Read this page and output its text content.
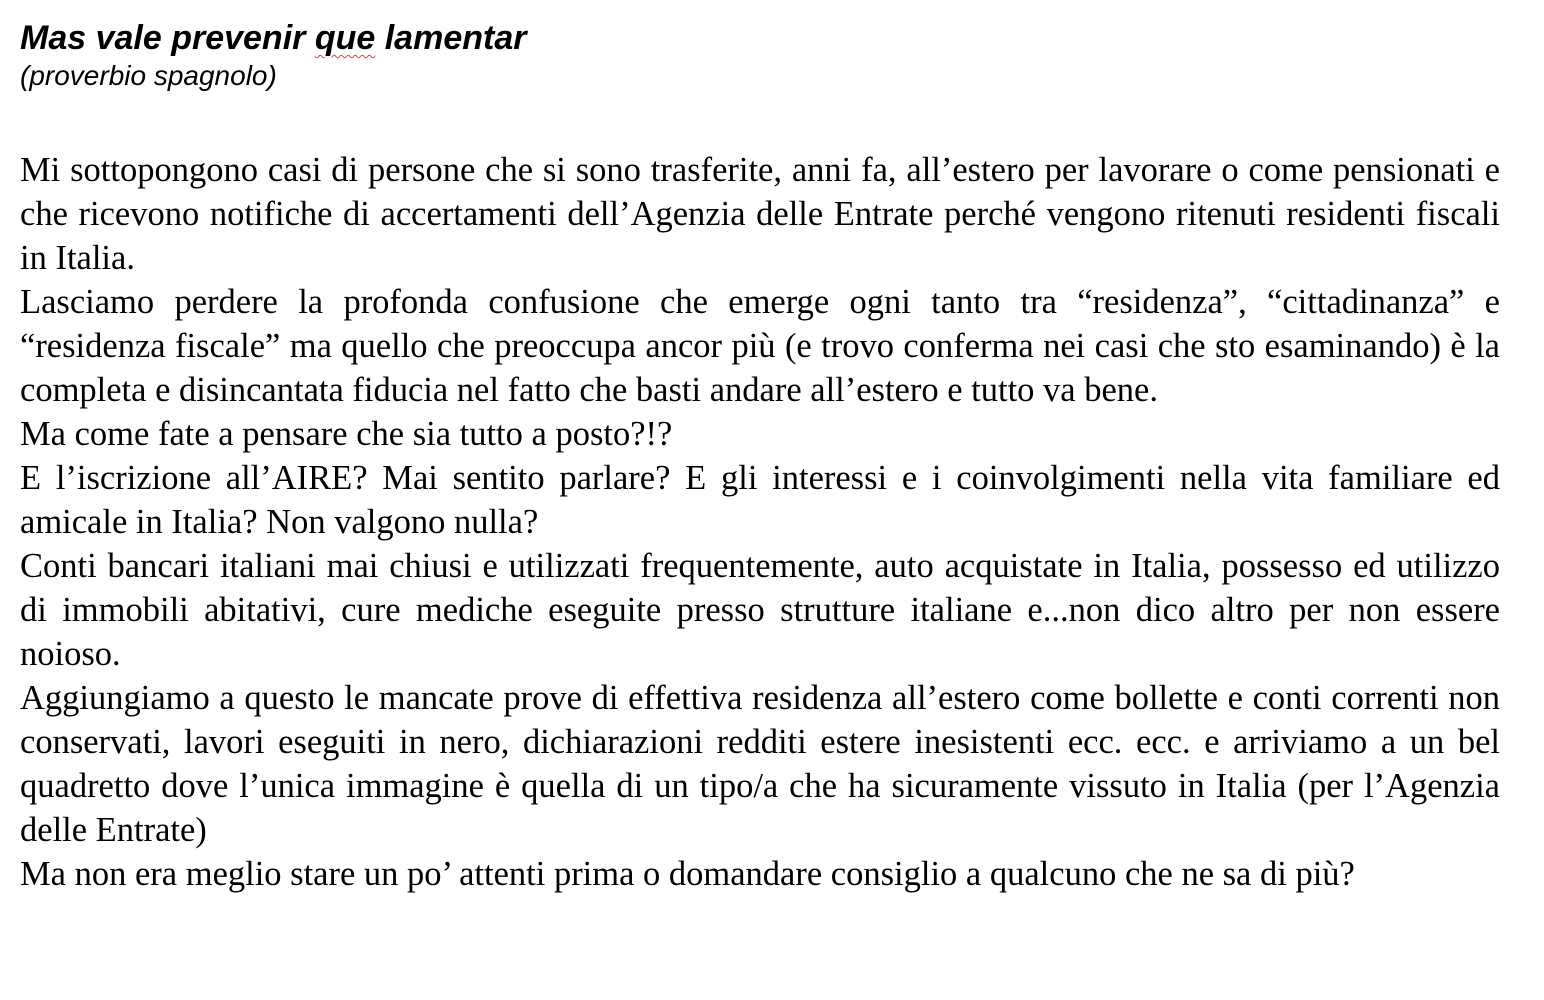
Mas vale prevenir que lamentar

(proverbio spagnolo)

Mi sottopongono casi di persone che si sono trasferite, anni fa, all’estero per lavorare o come pensionati e che ricevono notifiche di accertamenti dell’Agenzia delle Entrate perché vengono ritenuti residenti fiscali in Italia.

Lasciamo perdere la profonda confusione che emerge ogni tanto tra “residenza”, “cittadinanza” e “residenza fiscale” ma quello che preoccupa ancor più (e trovo conferma nei casi che sto esaminando) è la completa e disincantata fiducia nel fatto che basti andare all’estero e tutto va bene.

Ma come fate a pensare che sia tutto a posto?!?

E l’iscrizione all’AIRE? Mai sentito parlare? E gli interessi e i coinvolgimenti nella vita familiare ed amicale in Italia? Non valgono nulla?

Conti bancari italiani mai chiusi e utilizzati frequentemente, auto acquistate in Italia, possesso ed utilizzo di immobili abitativi, cure mediche eseguite presso strutture italiane e...non dico altro per non essere noioso.

Aggiungiamo a questo le mancate prove di effettiva residenza all’estero come bollette e conti correnti non conservati, lavori eseguiti in nero, dichiarazioni redditi estere inesistenti ecc. ecc. e arriviamo a un bel quadretto dove l’unica immagine è quella di un tipo/a che ha sicuramente vissuto in Italia (per l’Agenzia delle Entrate)

Ma non era meglio stare un po’ attenti prima o domandare consiglio a qualcuno che ne sa di più?
